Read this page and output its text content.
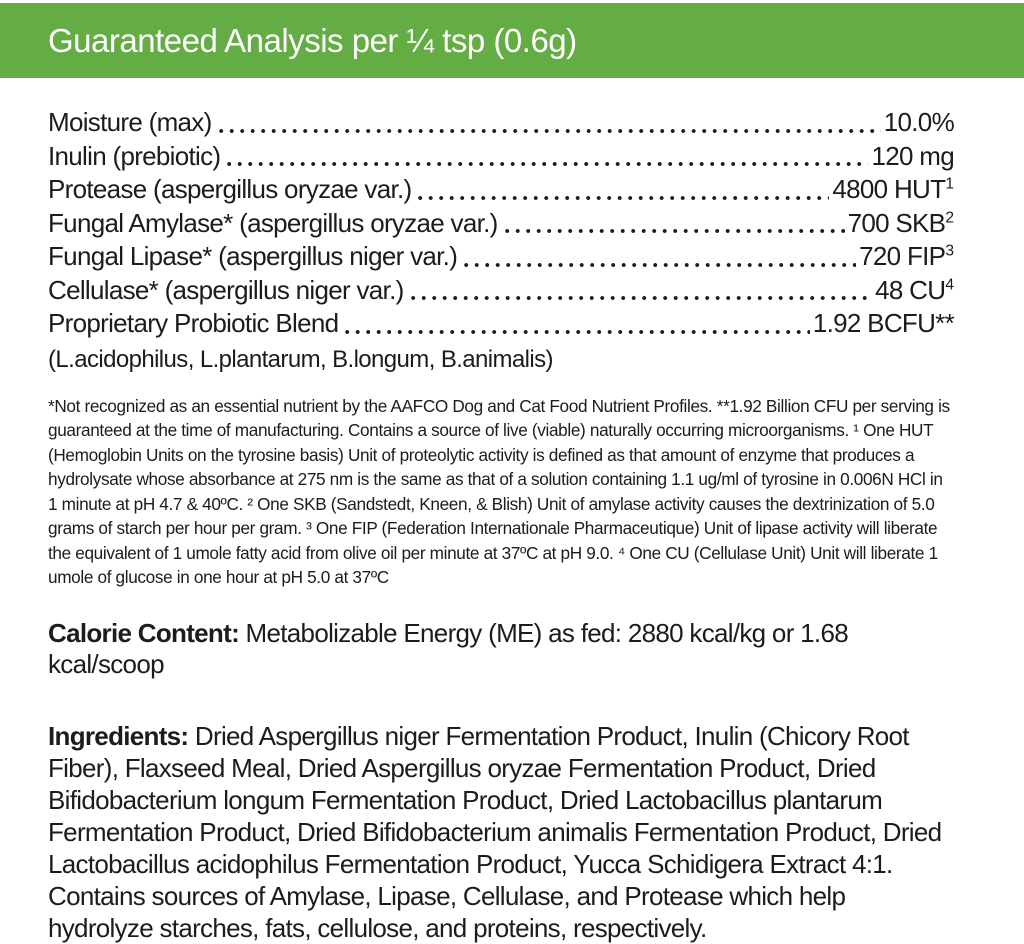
Guaranteed Analysis per ¼ tsp (0.6g)
Moisture (max)	10.0%
Inulin (prebiotic)	120 mg
Protease (aspergillus oryzae var.)	4800 HUT$^1$
Fungal Amylase* (aspergillus oryzae var.)	700 SKB$^2$
Fungal Lipase* (aspergillus niger var.)	720 FIP$^3$
Cellulase* (aspergillus niger var.)	48 $CU^4$
Proprietary Probiotic Blend	1.92 BCFU**
(L.acidophilus, L.plantarum, B.longum, B.animalis)
*Not recognized as an essential nutrient by the AAFCO Dog and Cat Food Nutrient Profiles. **1.92 Billion CFU per serving is guaranteed at the time of manufacturing. Contains a source of live (viable) naturally occurring microorganisms. ¹ One HUT (Hemoglobin Units on the tyrosine basis) Unit of proteolytic activity is defined as that amount of enzyme that produces a hydrolysate whose absorbance at 275 nm is the same as that of a solution containing 1.1 ug/ml of tyrosine in 0.006N HCl in 1 minute at pH 4.7 & 40ºC. ² One SKB (Sandstedt, Kneen, & Blish) Unit of amylase activity causes the dextrinization of 5.0 grams of starch per hour per gram. ³ One FIP (Federation Internationale Pharmaceutique) Unit of lipase activity will liberate the equivalent of 1 umole fatty acid from olive oil per minute at 37ºC at pH 9.0. ⁴ One CU (Cellulase Unit) Unit will liberate 1 umole of glucose in one hour at pH 5.0 at 37ºC
Calorie Content: Metabolizable Energy (ME) as fed: 2880 kcal/kg or 1.68 kcal/scoop
Ingredients: Dried Aspergillus niger Fermentation Product, Inulin (Chicory Root Fiber), Flaxseed Meal, Dried Aspergillus oryzae Fermentation Product, Dried Bifidobacterium longum Fermentation Product, Dried Lactobacillus plantarum Fermentation Product, Dried Bifidobacterium animalis Fermentation Product, Dried Lactobacillus acidophilus Fermentation Product, Yucca Schidigera Extract 4:1. Contains sources of Amylase, Lipase, Cellulase, and Protease which help hydrolyze starches, fats, cellulose, and proteins, respectively.
